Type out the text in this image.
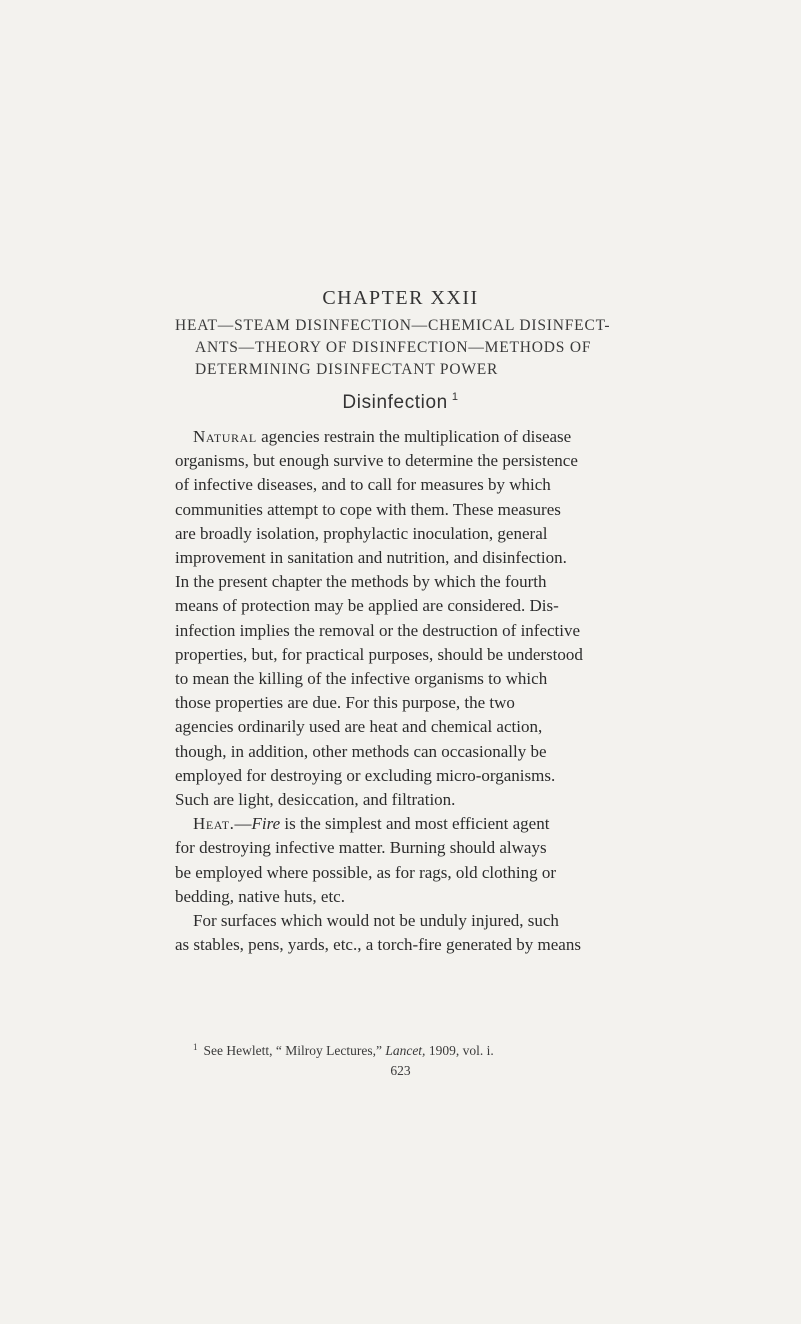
CHAPTER XXII
HEAT—STEAM DISINFECTION—CHEMICAL DISINFECT-
ANTS—THEORY OF DISINFECTION—METHODS OF
DETERMINING DISINFECTANT POWER
Disinfection $^1$
Natural agencies restrain the multiplication of disease
organisms, but enough survive to determine the persistence
of infective diseases, and to call for measures by which
communities attempt to cope with them. These measures
are broadly isolation, prophylactic inoculation, general
improvement in sanitation and nutrition, and disinfection.
In the present chapter the methods by which the fourth
means of protection may be applied are considered. Dis-
infection implies the removal or the destruction of infective
properties, but, for practical purposes, should be understood
to mean the killing of the infective organisms to which
those properties are due. For this purpose, the two
agencies ordinarily used are heat and chemical action,
though, in addition, other methods can occasionally be
employed for destroying or excluding micro-organisms.
Such are light, desiccation, and filtration.
Heat.—Fire is the simplest and most efficient agent
for destroying infective matter. Burning should always
be employed where possible, as for rags, old clothing or
bedding, native huts, etc.
For surfaces which would not be unduly injured, such
as stables, pens, yards, etc., a torch-fire generated by means
$^1$ See Hewlett, “ Milroy Lectures,” Lancet, 1909, vol. i.
623
